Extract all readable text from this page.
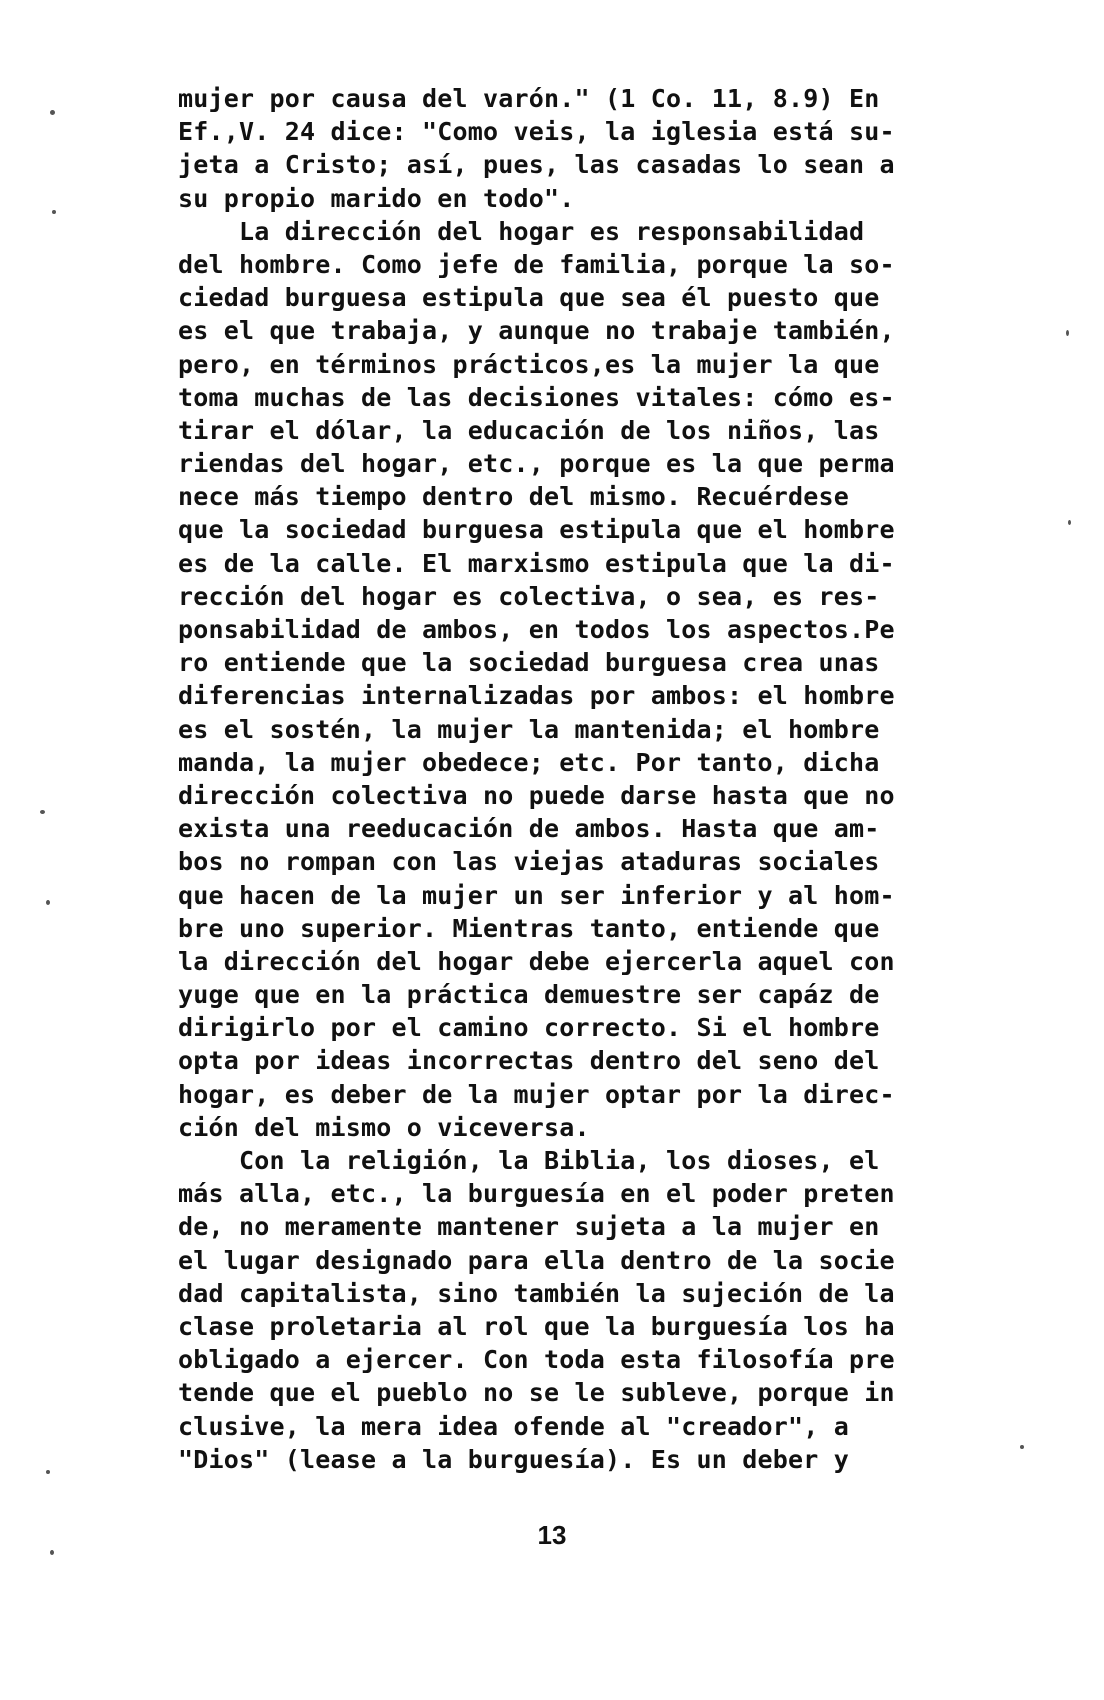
mujer por causa del varón." (1 Co. 11, 8.9) En
Ef.,V. 24 dice: "Como veis, la iglesia está su-
jeta a Cristo; así, pues, las casadas lo sean a
su propio marido en todo".
La dirección del hogar es responsabilidad
del hombre. Como jefe de familia, porque la so-
ciedad burguesa estipula que sea él puesto que
es el que trabaja, y aunque no trabaje también,
pero, en términos prácticos,es la mujer la que
toma muchas de las decisiones vitales: cómo es-
tirar el dólar, la educación de los niños, las
riendas del hogar, etc., porque es la que perma
nece más tiempo dentro del mismo. Recuérdese
que la sociedad burguesa estipula que el hombre
es de la calle. El marxismo estipula que la di-
rección del hogar es colectiva, o sea, es res-
ponsabilidad de ambos, en todos los aspectos.Pe
ro entiende que la sociedad burguesa crea unas
diferencias internalizadas por ambos: el hombre
es el sostén, la mujer la mantenida; el hombre
manda, la mujer obedece; etc. Por tanto, dicha
dirección colectiva no puede darse hasta que no
exista una reeducación de ambos. Hasta que am-
bos no rompan con las viejas ataduras sociales
que hacen de la mujer un ser inferior y al hom-
bre uno superior. Mientras tanto, entiende que
la dirección del hogar debe ejercerla aquel con
yuge que en la práctica demuestre ser capáz de
dirigirlo por el camino correcto. Si el hombre
opta por ideas incorrectas dentro del seno del
hogar, es deber de la mujer optar por la direc-
ción del mismo o viceversa.
Con la religión, la Biblia, los dioses, el
más alla, etc., la burguesía en el poder preten
de, no meramente mantener sujeta a la mujer en
el lugar designado para ella dentro de la socie
dad capitalista, sino también la sujeción de la
clase proletaria al rol que la burguesía los ha
obligado a ejercer. Con toda esta filosofía pre
tende que el pueblo no se le subleve, porque in
clusive, la mera idea ofende al "creador", a
"Dios" (lease a la burguesía). Es un deber y
13
